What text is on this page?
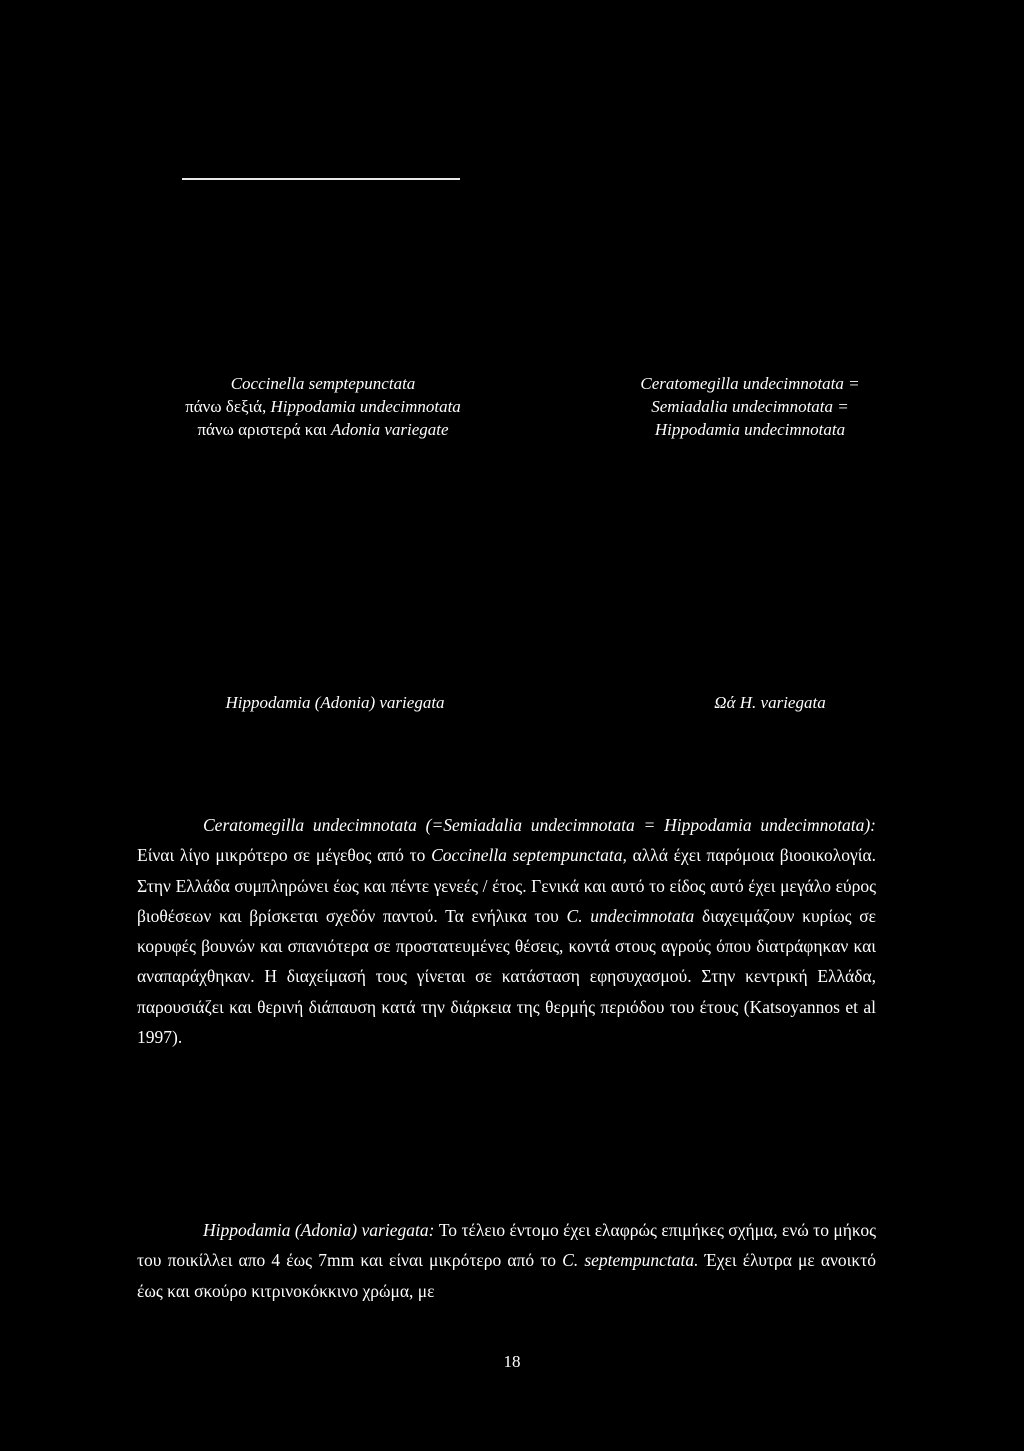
Coccinella semptepunctata
πάνω δεξιά, Hippodamia undecimnotata
πάνω αριστερά και Adonia variegate
Ceratomegilla undecimnotata =
Semiadalia undecimnotata =
Hippodamia undecimnotata
Hippodamia (Adonia) variegata	Ωά Η. variegata

Ceratomegilla undecimnotata (=Semiadalia undecimnotata = Hippodamia undecimnotata): Είναι λίγο μικρότερο σε μέγεθος από το Coccinella septempunctata, αλλά έχει παρόμοια βιοοικολογία. Στην Ελλάδα συμπληρώνει έως και πέντε γενεές / έτος. Γενικά και αυτό το είδος αυτό έχει μεγάλο εύρος βιοθέσεων και βρίσκεται σχεδόν παντού. Τα ενήλικα του C. undecimnotata διαχειμάζουν κυρίως σε κορυφές βουνών και σπανιότερα σε προστατευμένες θέσεις, κοντά στους αγρούς όπου διατράφηκαν και αναπαράχθηκαν. Η διαχείμασή τους γίνεται σε κατάσταση εφησυχασμού. Στην κεντρική Ελλάδα, παρουσιάζει και θερινή διάπαυση κατά την διάρκεια της θερμής περιόδου του έτους (Katsoyannos et al 1997).

Hippodamia (Adonia) variegata: Το τέλειο έντομο έχει ελαφρώς επιμήκες σχήμα, ενώ το μήκος του ποικίλλει απο 4 έως 7mm και είναι μικρότερο από το C. septempunctata. Έχει έλυτρα με ανοικτό έως και σκούρο κιτρινοκόκκινο χρώμα, με

18
